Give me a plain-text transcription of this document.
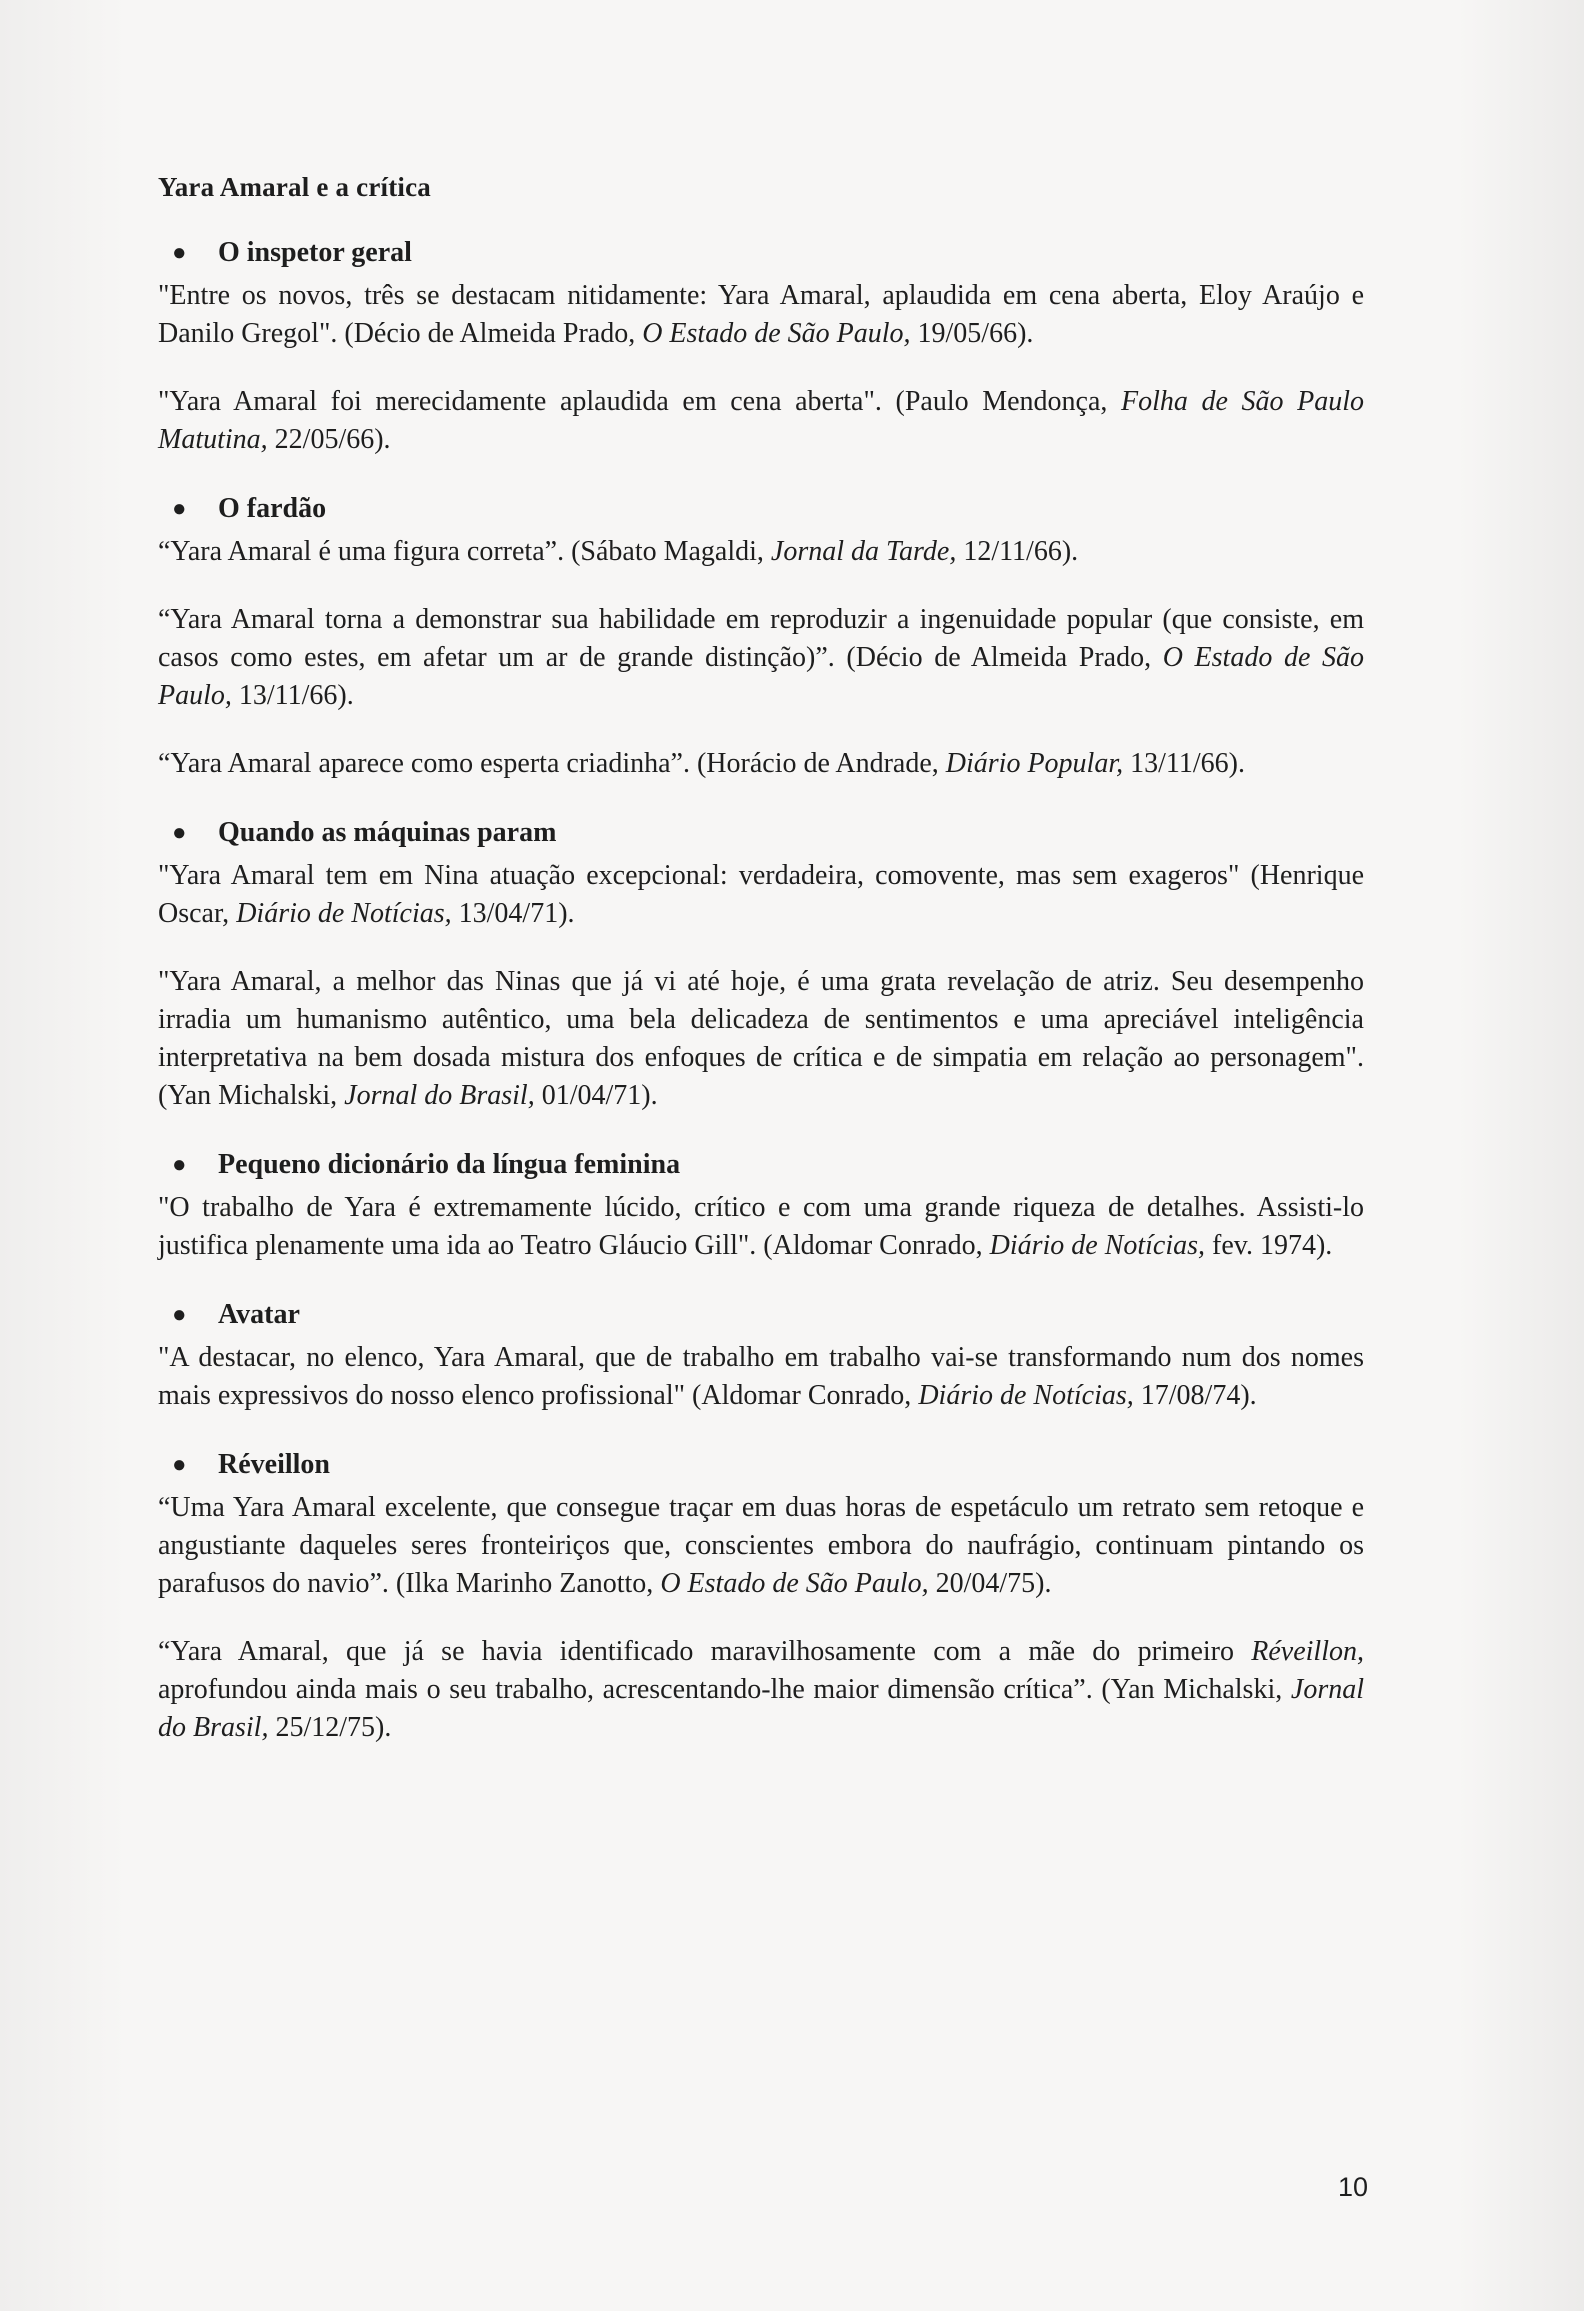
Yara Amaral e a crítica
●	O inspetor geral

"Entre os novos, três se destacam nitidamente: Yara Amaral, aplaudida em cena aberta, Eloy Araújo e Danilo Gregol". (Décio de Almeida Prado, O Estado de São Paulo, 19/05/66).

"Yara Amaral foi merecidamente aplaudida em cena aberta". (Paulo Mendonça, Folha de São Paulo Matutina, 22/05/66).

●	O fardão

“Yara Amaral é uma figura correta”. (Sábato Magaldi, Jornal da Tarde, 12/11/66).

“Yara Amaral torna a demonstrar sua habilidade em reproduzir a ingenuidade popular (que consiste, em casos como estes, em afetar um ar de grande distinção)”. (Décio de Almeida Prado, O Estado de São Paulo, 13/11/66).

“Yara Amaral aparece como esperta criadinha”. (Horácio de Andrade, Diário Popular, 13/11/66).

●	Quando as máquinas param

"Yara Amaral tem em Nina atuação excepcional: verdadeira, comovente, mas sem exageros" (Henrique Oscar, Diário de Notícias, 13/04/71).

"Yara Amaral, a melhor das Ninas que já vi até hoje, é uma grata revelação de atriz. Seu desempenho irradia um humanismo autêntico, uma bela delicadeza de sentimentos e uma apreciável inteligência interpretativa na bem dosada mistura dos enfoques de crítica e de simpatia em relação ao personagem". (Yan Michalski, Jornal do Brasil, 01/04/71).

●	Pequeno dicionário da língua feminina

"O trabalho de Yara é extremamente lúcido, crítico e com uma grande riqueza de detalhes. Assisti-lo justifica plenamente uma ida ao Teatro Gláucio Gill". (Aldomar Conrado, Diário de Notícias, fev. 1974).

●	Avatar

"A destacar, no elenco, Yara Amaral, que de trabalho em trabalho vai-se transformando num dos nomes mais expressivos do nosso elenco profissional" (Aldomar Conrado, Diário de Notícias, 17/08/74).

●	Réveillon

“Uma Yara Amaral excelente, que consegue traçar em duas horas de espetáculo um retrato sem retoque e angustiante daqueles seres fronteiriços que, conscientes embora do naufrágio, continuam pintando os parafusos do navio”. (Ilka Marinho Zanotto, O Estado de São Paulo, 20/04/75).

“Yara Amaral, que já se havia identificado maravilhosamente com a mãe do primeiro Réveillon, aprofundou ainda mais o seu trabalho, acrescentando-lhe maior dimensão crítica”. (Yan Michalski, Jornal do Brasil, 25/12/75).

10
